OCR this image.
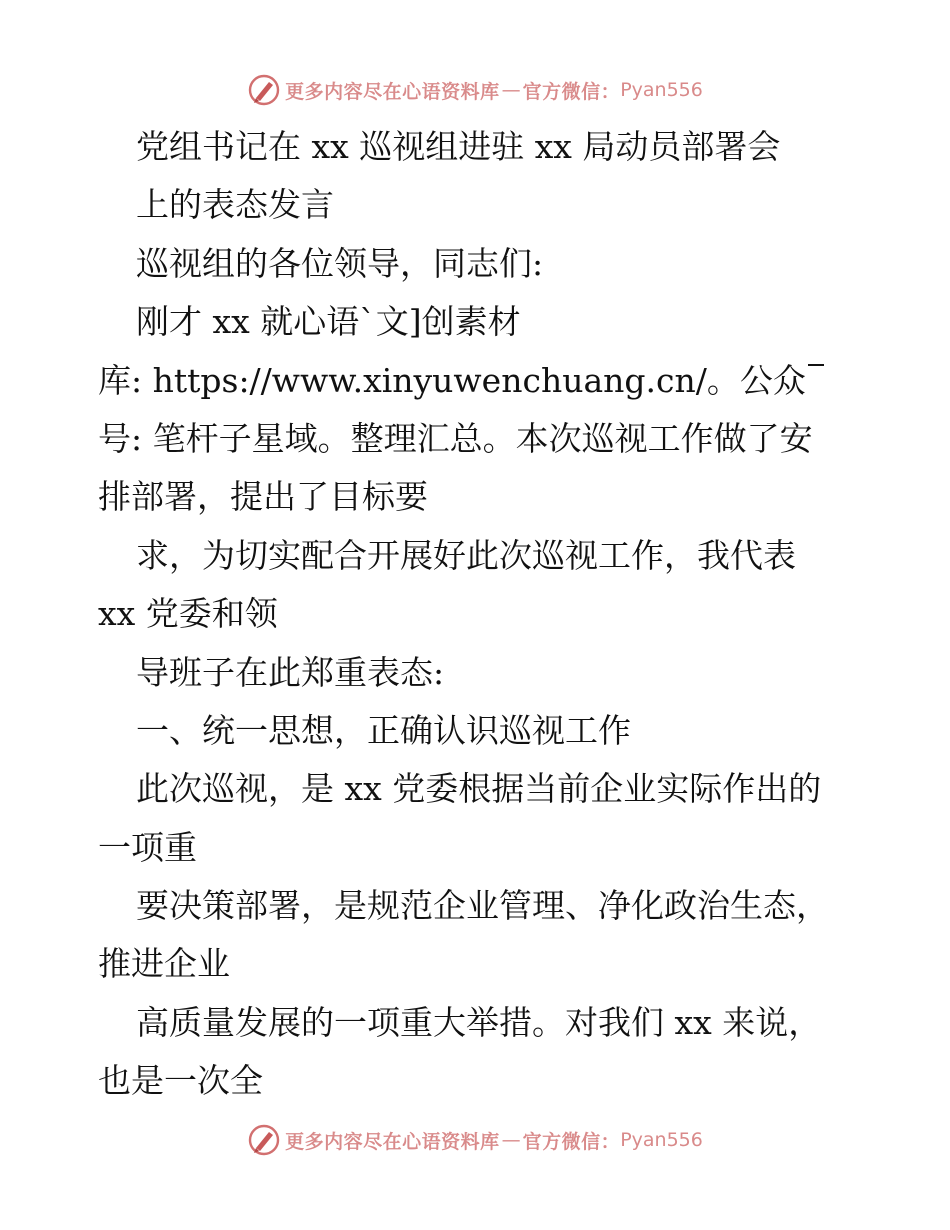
更多内容尽在心语资料库 — 官方微信： Pyan556
党组书记在 xx 巡视组进驻 xx 局动员部署会
上的表态发言
巡视组的各位领导，同志们:
刚才 xx 就心语`文]创素材
库: https://www.xinyuwenchuang.cn/。公众
号: 笔杆子星域。整理汇总。本次巡视工作做了安
排部署，提出了目标要
求，为切实配合开展好此次巡视工作，我代表
xx 党委和领
导班子在此郑重表态:
一、统一思想，正确认识巡视工作
此次巡视，是 xx 党委根据当前企业实际作出的
一项重
要决策部署，是规范企业管理、净化政治生态，
推进企业
高质量发展的一项重大举措。对我们 xx 来说，
也是一次全
更多内容尽在心语资料库 — 官方微信： Pyan556
